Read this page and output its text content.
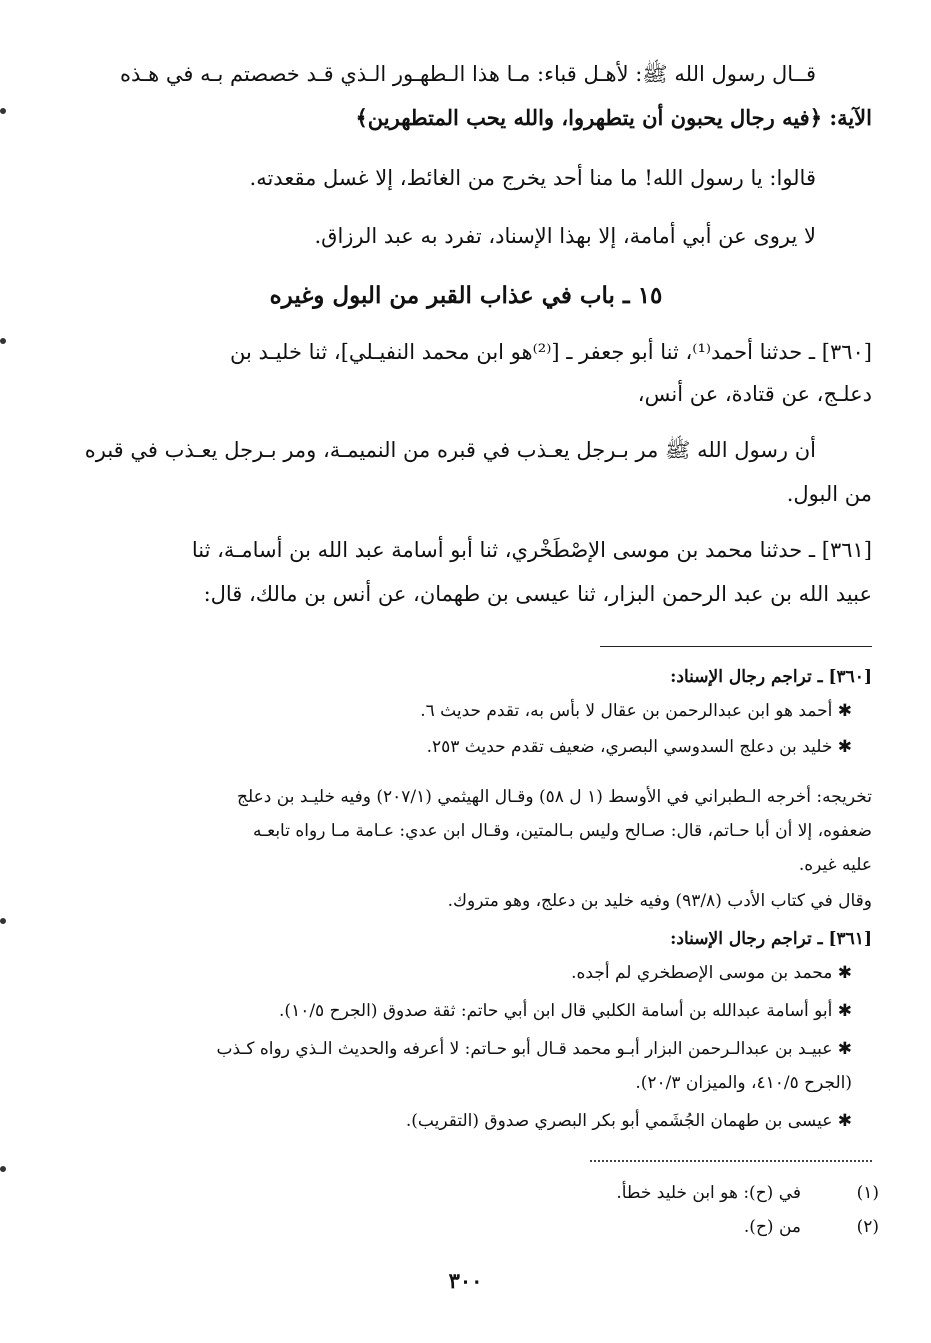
قــال رسول الله ﷺ: لأهـل قباء: مـا هذا الـطهـور الـذي قـد خصصتم بـه في هـذه
الآية: ﴿فيه رجال يحبون أن يتطهروا، والله يحب المتطهرين﴾
قالوا: يا رسول الله! ما منا أحد يخرج من الغائط، إلا غسل مقعدته.
لا يروى عن أبي أمامة، إلا بهذا الإسناد، تفرد به عبد الرزاق.
١٥ ـ باب في عذاب القبر من البول وغيره
[٣٦٠] ـ حدثنا أحمد⁽¹⁾، ثنا أبو جعفر ـ [⁽²⁾هو ابن محمد النفيـلي]، ثنا خليـد بن
دعلـج، عن قتادة، عن أنس،
أن رسول الله ﷺ مر بـرجل يعـذب في قبره من النميمـة، ومر بـرجل يعـذب في قبره
من البول.
[٣٦١] ـ حدثنا محمد بن موسى الإصْطَخْري، ثنا أبو أسامة عبد الله بن أسامـة، ثنا
عبيد الله بن عبد الرحمن البزار، ثنا عيسى بن طهمان، عن أنس بن مالك، قال:
[٣٦٠] ـ تراجم رجال الإسناد:
✱ أحمد هو ابن عبدالرحمن بن عقال لا بأس به، تقدم حديث ٦.
✱ خليد بن دعلج السدوسي البصري، ضعيف تقدم حديث ٢٥٣.
تخريجه: أخرجه الـطبراني في الأوسط (١ ل ٥٨) وقـال الهيثمي (٢٠٧/١) وفيه خليـد بن دعلج
ضعفوه، إلا أن أبا حـاتم، قال: صـالح وليس بـالمتين، وقـال ابن عدي: عـامة مـا رواه تابعـه
عليه غيره.
وقال في كتاب الأدب (٩٣/٨) وفيه خليد بن دعلج، وهو متروك.
[٣٦١] ـ تراجم رجال الإسناد:
✱ محمد بن موسى الإصطخري لم أجده.
✱ أبو أسامة عبدالله بن أسامة الكلبي قال ابن أبي حاتم: ثقة صدوق (الجرح ١٠/٥).
✱ عبيـد بن عبدالـرحمن البزار أبـو محمد قـال أبو حـاتم: لا أعرفه والحديث الـذي رواه كـذب
(الجرح ٤١٠/٥، والميزان ٢٠/٣).
✱ عيسى بن طهمان الجُشَمي أبو بكر البصري صدوق (التقريب).
(١)
في (ح): هو ابن خليد خطأ.
(٢)
من (ح).
٣٠٠
